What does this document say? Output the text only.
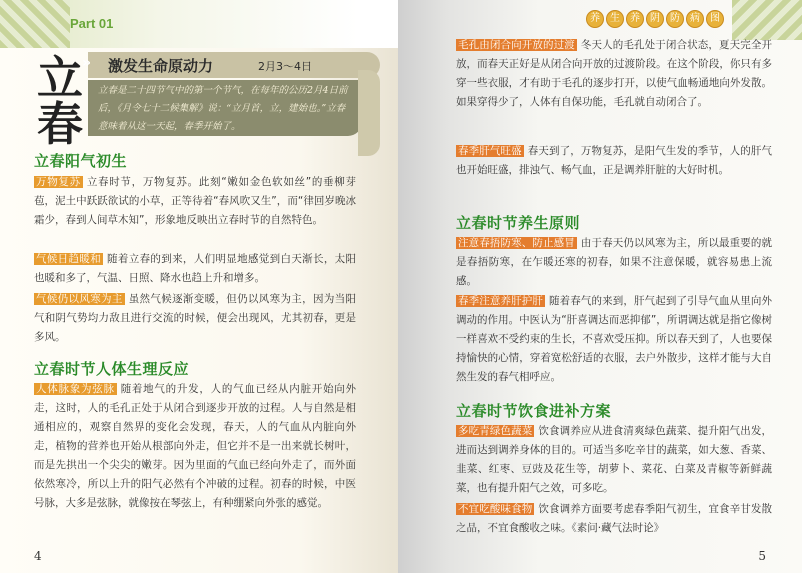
Part 01
立
春
» 激发生命原动力	2月3～4日
立春是二十四节气中的第一个节气，在每年的公历2月4日前后，《月令七十二候集解》说：“立月首，立，建始也。”立春意味着从这一天起，春季开始了。
立春阳气初生
万物复苏 立春时节，万物复苏。此刻“嫩如金色软如丝”的垂柳芽苞，泥土中跃跃欲试的小草，正等待着“春风吹又生”，而“律回岁晚冰霜少，春到人间草木知”，形象地反映出立春时节的自然特色。
气候日趋暖和 随着立春的到来，人们明显地感觉到白天渐长，太阳也暖和多了，气温、日照、降水也趋上升和增多。
气候仍以风寒为主 虽然气候逐渐变暖，但仍以风寒为主，因为当阳气和阴气势均力敌且进行交流的时候，便会出现风，尤其初春，更是多风。
立春时节人体生理反应
人体脉象为弦脉 随着地气的升发，人的气血已经从内脏开始向外走，这时，人的毛孔正处于从闭合到逐步开放的过程。人与自然是相通相应的，观察自然界的变化会发现，春天，人的气血从内脏向外走，植物的营养也开始从根部向外走，但它并不是一出来就长树叶，而是先拱出一个尖尖的嫩芽。因为里面的气血已经向外走了，而外面依然寒冷，所以上升的阳气必然有个冲破的过程。初春的时候，中医号脉，大多是弦脉，就像按在琴弦上，有种绷紧向外张的感觉。
4
养	生	养	阴	防	病	图
毛孔由闭合向开放的过渡 冬天人的毛孔处于闭合状态，夏天完全开放，而春天正好是从闭合向开放的过渡阶段。在这个阶段，你只有多穿一些衣服，才有助于毛孔的逐步打开，以使气血畅通地向外发散。如果穿得少了，人体有自保功能，毛孔就自动闭合了。
春季肝气旺盛 春天到了，万物复苏，是阳气生发的季节，人的肝气也开始旺盛，排浊气、畅气血，正是调养肝脏的大好时机。
立春时节养生原则
注意春捂防寒、防止感冒 由于春天仍以风寒为主，所以最重要的就是春捂防寒，在乍暖还寒的初春，如果不注意保暖，就容易患上流感。
春季注意养肝护肝 随着春气的来到，肝气起到了引导气血从里向外调动的作用。中医认为“肝喜调达而恶抑郁”，所谓调达就是指它像树一样喜欢不受约束的生长，不喜欢受压抑。所以春天到了，人也要保持愉快的心情，穿着宽松舒适的衣服，去户外散步，这样才能与大自然生发的春气相呼应。
立春时节饮食进补方案
多吃青绿色蔬菜 饮食调养应从进食清爽绿色蔬菜、提升阳气出发，进而达到调养身体的目的。可适当多吃辛甘的蔬菜，如大葱、香菜、韭菜、红枣、豆豉及花生等，胡萝卜、菜花、白菜及青椒等新鲜蔬菜，也有提升阳气之效，可多吃。
不宜吃酸味食物 饮食调养方面要考虑春季阳气初生，宜食辛甘发散之品，不宜食酸收之味。《素问·藏气法时论》
5
